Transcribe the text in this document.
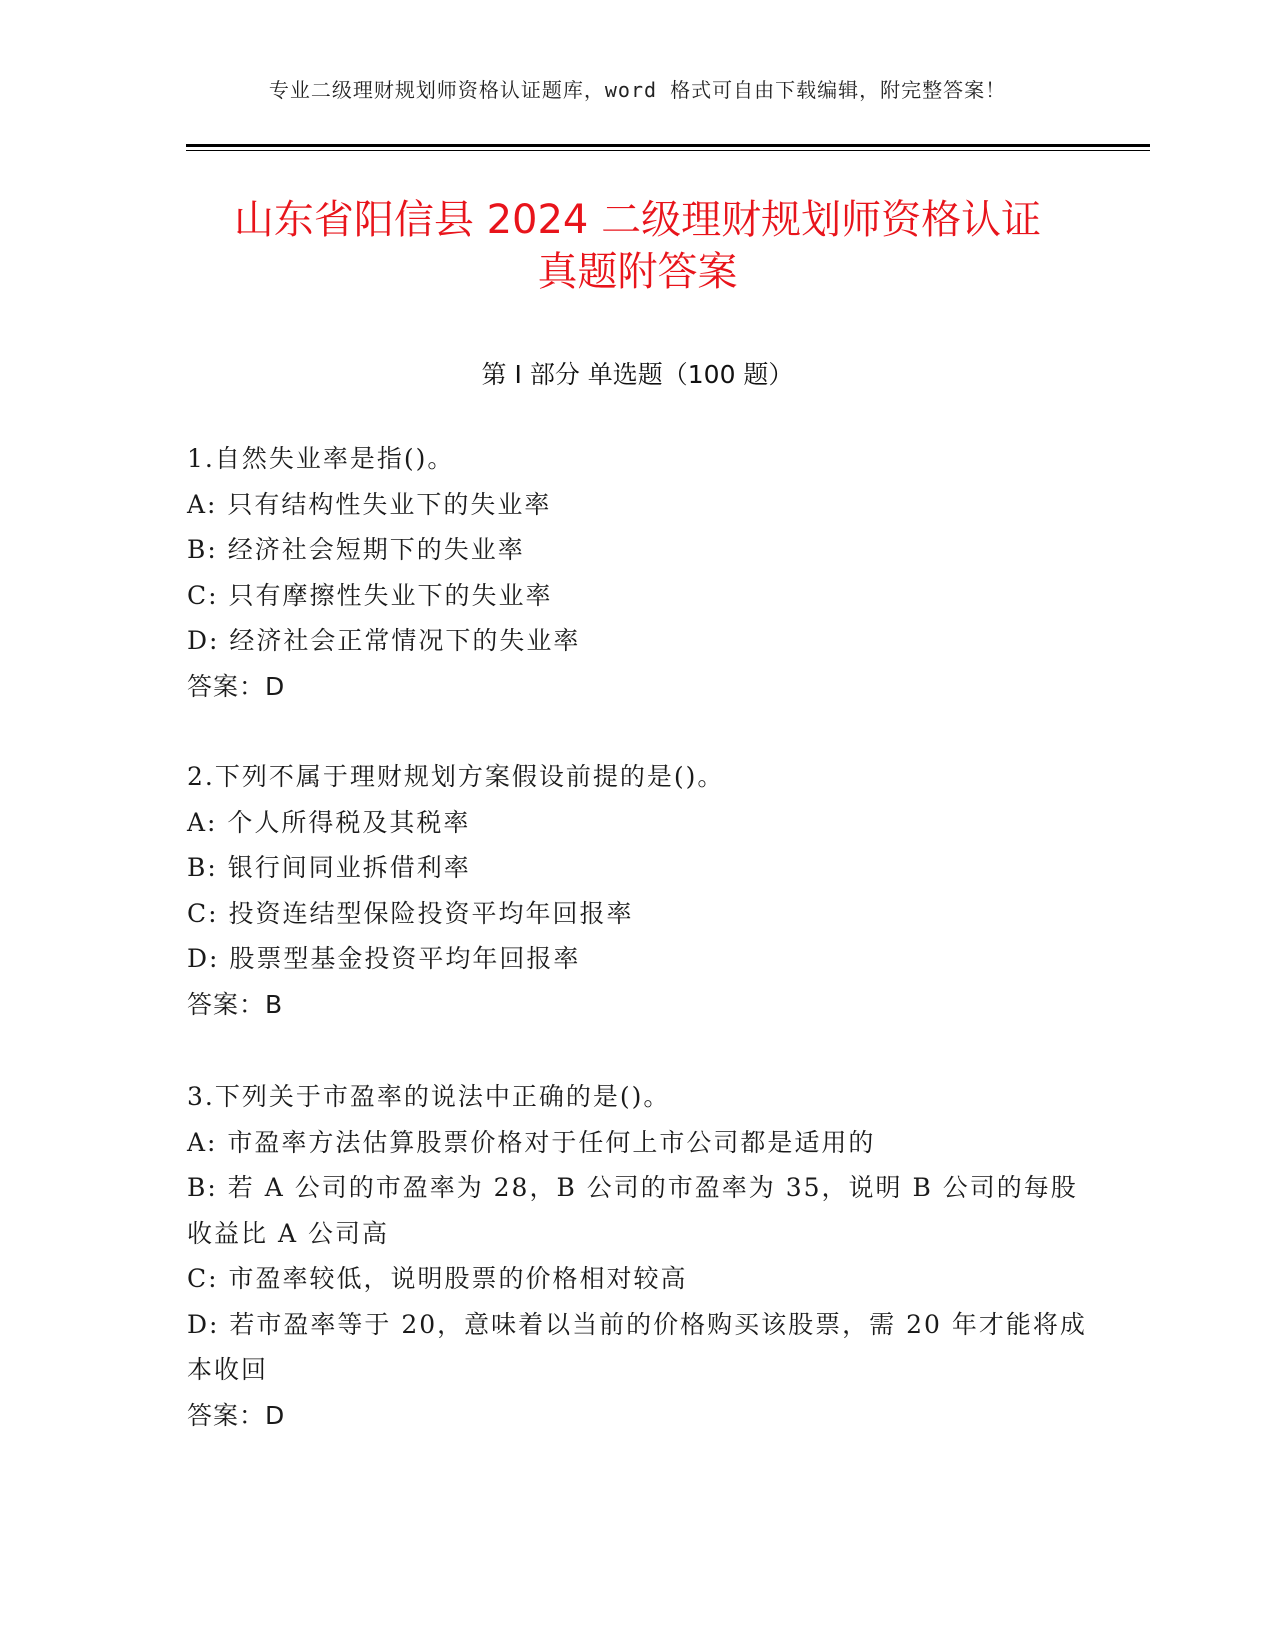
专业二级理财规划师资格认证题库，word 格式可自由下载编辑，附完整答案！
山东省阳信县 2024 二级理财规划师资格认证
真题附答案
第 I 部分 单选题（100 题）
1.自然失业率是指()。
A: 只有结构性失业下的失业率
B: 经济社会短期下的失业率
C: 只有摩擦性失业下的失业率
D: 经济社会正常情况下的失业率
答案：D
2.下列不属于理财规划方案假设前提的是()。
A: 个人所得税及其税率
B: 银行间同业拆借利率
C: 投资连结型保险投资平均年回报率
D: 股票型基金投资平均年回报率
答案：B
3.下列关于市盈率的说法中正确的是()。
A: 市盈率方法估算股票价格对于任何上市公司都是适用的
B: 若 A 公司的市盈率为 28，B 公司的市盈率为 35，说明 B 公司的每股收益比 A 公司高
C: 市盈率较低，说明股票的价格相对较高
D: 若市盈率等于 20，意味着以当前的价格购买该股票，需 20 年才能将成本收回
答案：D
